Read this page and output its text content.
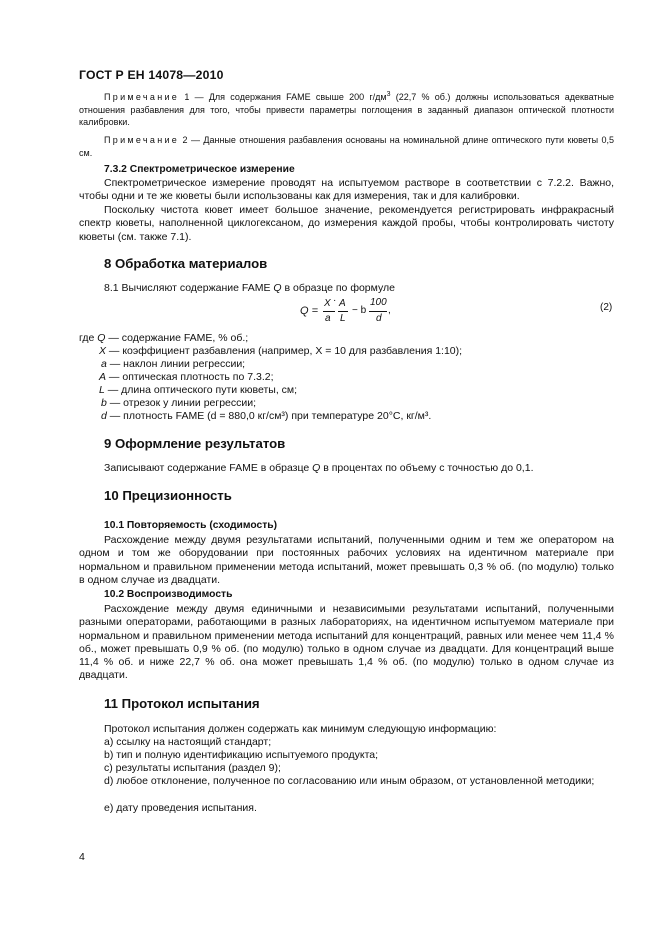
ГОСТ Р ЕН 14078—2010
Примечание 1 — Для содержания FAME свыше 200 $г/дм^3$ (22,7 % об.) должны использоваться адекватные отношения разбавления для того, чтобы привести параметры поглощения в заданный диапазон оптической плотности калибровки.
Примечание 2 — Данные отношения разбавления основаны на номинальной длине оптического пути кюветы 0,5 см.
7.3.2 Спектрометрическое измерение
Спектрометрическое измерение проводят на испытуемом растворе в соответствии с 7.2.2. Важно, чтобы одни и те же кюветы были использованы как для измерения, так и для калибровки.
Поскольку чистота кювет имеет большое значение, рекомендуется регистрировать инфракрасный спектр кюветы, наполненной циклогексаном, до измерения каждой пробы, чтобы контролировать чистоту кюветы (см. также 7.1).
8 Обработка материалов
8.1 Вычисляют содержание FAME Q в образце по формуле
Q =
X ·
a
A
L
− b
100
d
,	(2)
где Q — содержание FAME, % об.;
X — коэффициент разбавления (например, X = 10 для разбавления 1:10);
a — наклон линии регрессии;
A — оптическая плотность по 7.3.2;
L — длина оптического пути кюветы, см;
b — отрезок у линии регрессии;
d — плотность FAME (d = 880,0 кг/см³) при температуре 20°С, кг/м³.
9 Оформление результатов
Записывают содержание FAME в образце Q в процентах по объему с точностью до 0,1.
10 Прецизионность
10.1 Повторяемость (сходимость)
Расхождение между двумя результатами испытаний, полученными одним и тем же оператором на одном и том же оборудовании при постоянных рабочих условиях на идентичном материале при нормальном и правильном применении метода испытаний, может превышать 0,3 % об. (по модулю) только в одном случае из двадцати.
10.2 Воспроизводимость
Расхождение между двумя единичными и независимыми результатами испытаний, полученными разными операторами, работающими в разных лабораториях, на идентичном испытуемом материале при нормальном и правильном применении метода испытаний для концентраций, равных или менее чем 11,4 % об., может превышать 0,9 % об. (по модулю) только в одном случае из двадцати. Для концентраций выше 11,4 % об. и ниже 22,7 % об. она может превышать 1,4 % об. (по модулю) только в одном случае из двадцати.
11 Протокол испытания
Протокол испытания должен содержать как минимум следующую информацию:
a) ссылку на настоящий стандарт;
b) тип и полную идентификацию испытуемого продукта;
c) результаты испытания (раздел 9);
d) любое отклонение, полученное по согласованию или иным образом, от установленной методики;
e) дату проведения испытания.
4
